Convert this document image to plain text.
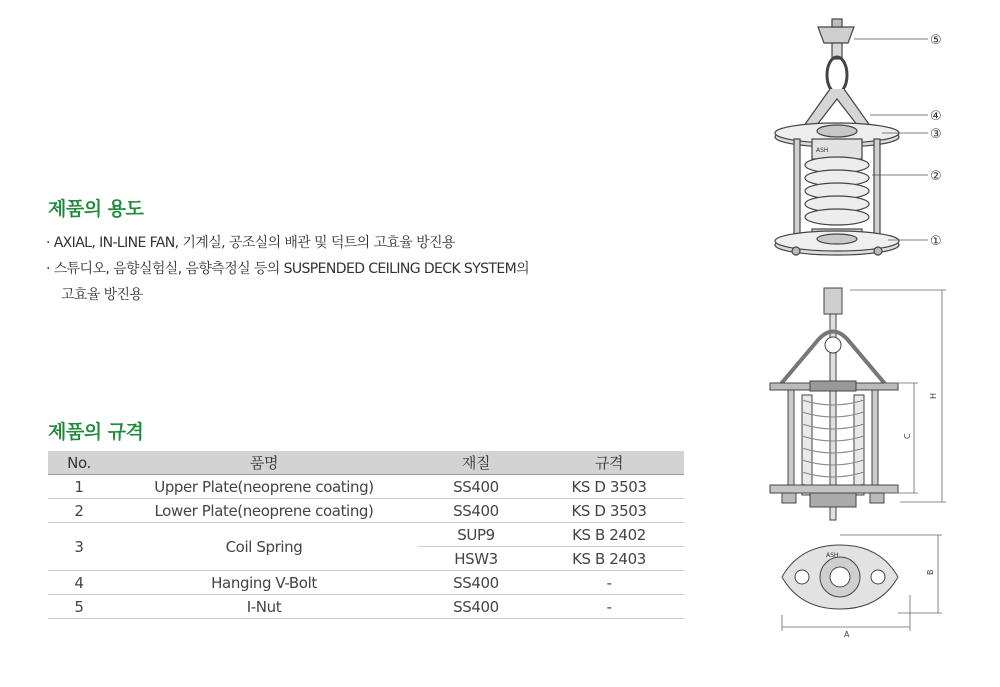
제품의 용도
· AXIAL, IN-LINE FAN, 기계실, 공조실의 배관 및 덕트의 고효율 방진용
· 스튜디오, 음향실험실, 음향측정실 등의 SUSPENDED CEILING DECK SYSTEM의
고효율 방진용
제품의 규격
No.	품명	재질	규격
1	Upper Plate(neoprene coating)	SS400	KS D 3503
2	Lower Plate(neoprene coating)	SS400	KS D 3503
3	Coil Spring	SUP9	KS B 2402
		HSW3	KS B 2403
4	Hanging V-Bolt	SS400	-
5	I-Nut	SS400	-
ASH
⑤
④
③
②
①
H
C
ASH
B
A
